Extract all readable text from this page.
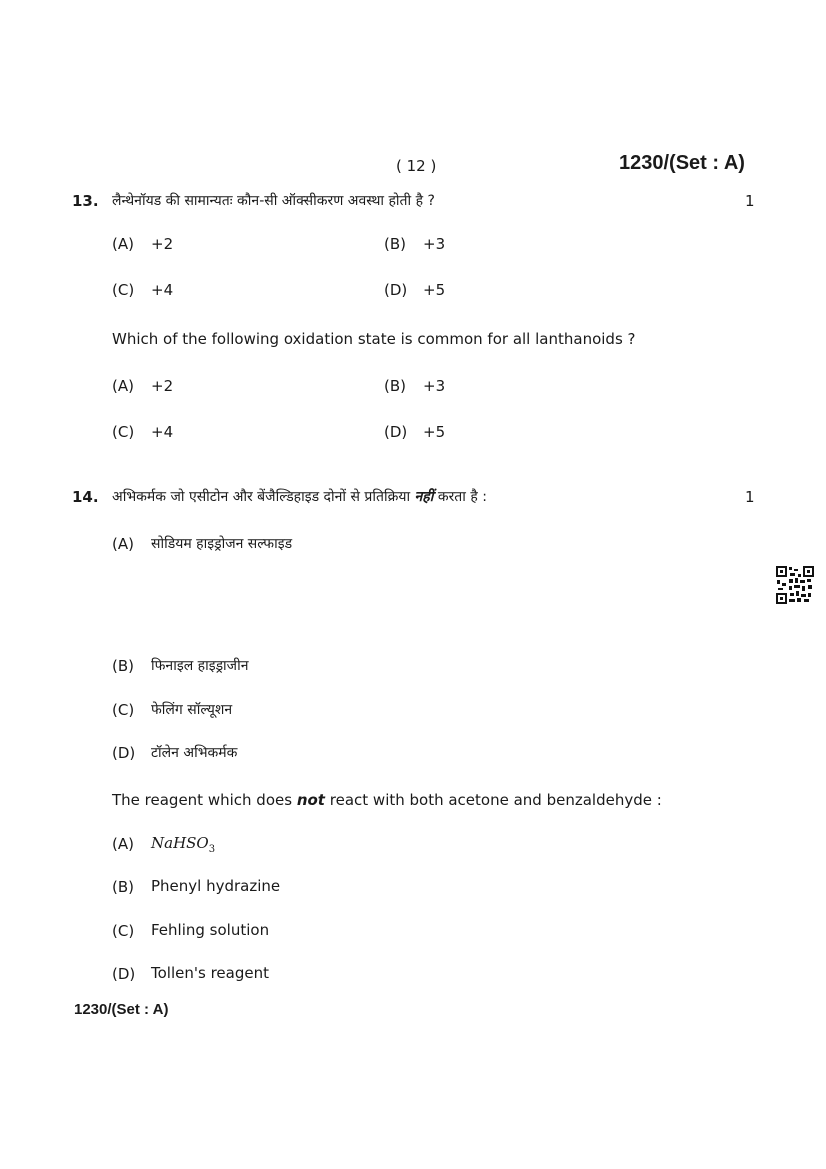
( 12 )	1230/(Set : A)
13. लैन्थेनॉयड की सामान्यतः कौन-सी ऑक्सीकरण अवस्था होती है ?	1
(A) +2	(B) +3
(C) +4	(D) +5
Which of the following oxidation state is common for all lanthanoids ?
(A) +2	(B) +3
(C) +4	(D) +5
14. अभिकर्मक जो एसीटोन और बेंजैल्डिहाइड दोनों से प्रतिक्रिया नहीं करता है :	1
(A) सोडियम हाइड्रोजन सल्फाइड
(B) फिनाइल हाइड्राजीन
(C) फेलिंग सॉल्यूशन
(D) टॉलेन अभिकर्मक
The reagent which does not react with both acetone and benzaldehyde :
(A) NaHSO$_3$
(B) Phenyl hydrazine
(C) Fehling solution
(D) Tollen's reagent
1230/(Set : A)
